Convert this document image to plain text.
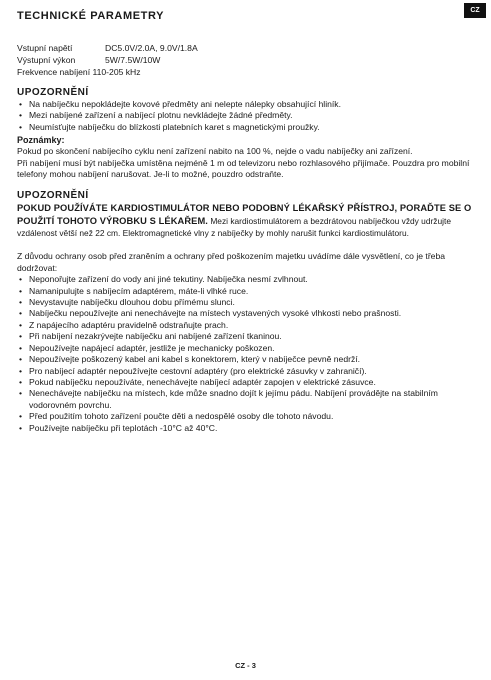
CZ
TECHNICKÉ PARAMETRY
Vstupní napětí	DC5.0V/2.0A, 9.0V/1.8A
Výstupní výkon	5W/7.5W/10W
Frekvence nabíjení 110-205 kHz
UPOZORNĚNÍ
• Na nabíječku nepokládejte kovové předměty ani nelepte nálepky obsahující hliník.
• Mezi nabíjené zařízení a nabíjecí plotnu nevkládejte žádné předměty.
• Neumísťujte nabíječku do blízkosti platebních karet s magnetickými proužky.
Poznámky:

Pokud po skončení nabíjecího cyklu není zařízení nabito na 100 %, nejde o vadu nabíječky ani zařízení.

Při nabíjení musí být nabíječka umístěna nejméně 1 m od televizoru nebo rozhlasového přijímače. Pouzdra pro mobilní telefony mohou nabíjení narušovat. Je-li to možné, pouzdro odstraňte.

UPOZORNĚNÍ
POKUD POUŽÍVÁTE KARDIOSTIMULÁTOR NEBO PODOBNÝ LÉKAŘSKÝ PŘÍSTROJ, PORAĎTE SE O POUŽITÍ TOHOTO VÝROBKU S LÉKAŘEM. Mezi kardiostimulátorem a bezdrátovou nabíječkou vždy udržujte vzdálenost větší než 22 cm. Elektromagnetické vlny z nabíječky by mohly narušit funkci kardiostimulátoru.

Z důvodu ochrany osob před zraněním a ochrany před poškozením majetku uvádíme dále vysvětlení, co je třeba dodržovat:

• Neponořujte zařízení do vody ani jiné tekutiny. Nabíječka nesmí zvlhnout.
• Namanipulujte s nabíjecím adaptérem, máte-li vlhké ruce.
• Nevystavujte nabíječku dlouhou dobu přímému slunci.
• Nabíječku nepoužívejte ani nenechávejte na místech vystavených vysoké vlhkosti nebo prašnosti.
• Z napájecího adaptéru pravidelně odstraňujte prach.
• Při nabíjení nezakrývejte nabíječku ani nabíjené zařízení tkaninou.
• Nepoužívejte napájecí adaptér, jestliže je mechanicky poškozen.
• Nepoužívejte poškozený kabel ani kabel s konektorem, který v nabíječce pevně nedrží.
• Pro nabíjecí adaptér nepoužívejte cestovní adaptéry (pro elektrické zásuvky v zahraničí).
• Pokud nabíječku nepoužíváte, nenechávejte nabíjecí adaptér zapojen v elektrické zásuvce.
• Nenechávejte nabíječku na místech, kde může snadno dojít k jejímu pádu. Nabíjení provádějte na stabilním vodorovném povrchu.
• Před použitím tohoto zařízení poučte děti a nedospělé osoby dle tohoto návodu.
• Používejte nabíječku při teplotách -10°C až 40°C.
CZ - 3
